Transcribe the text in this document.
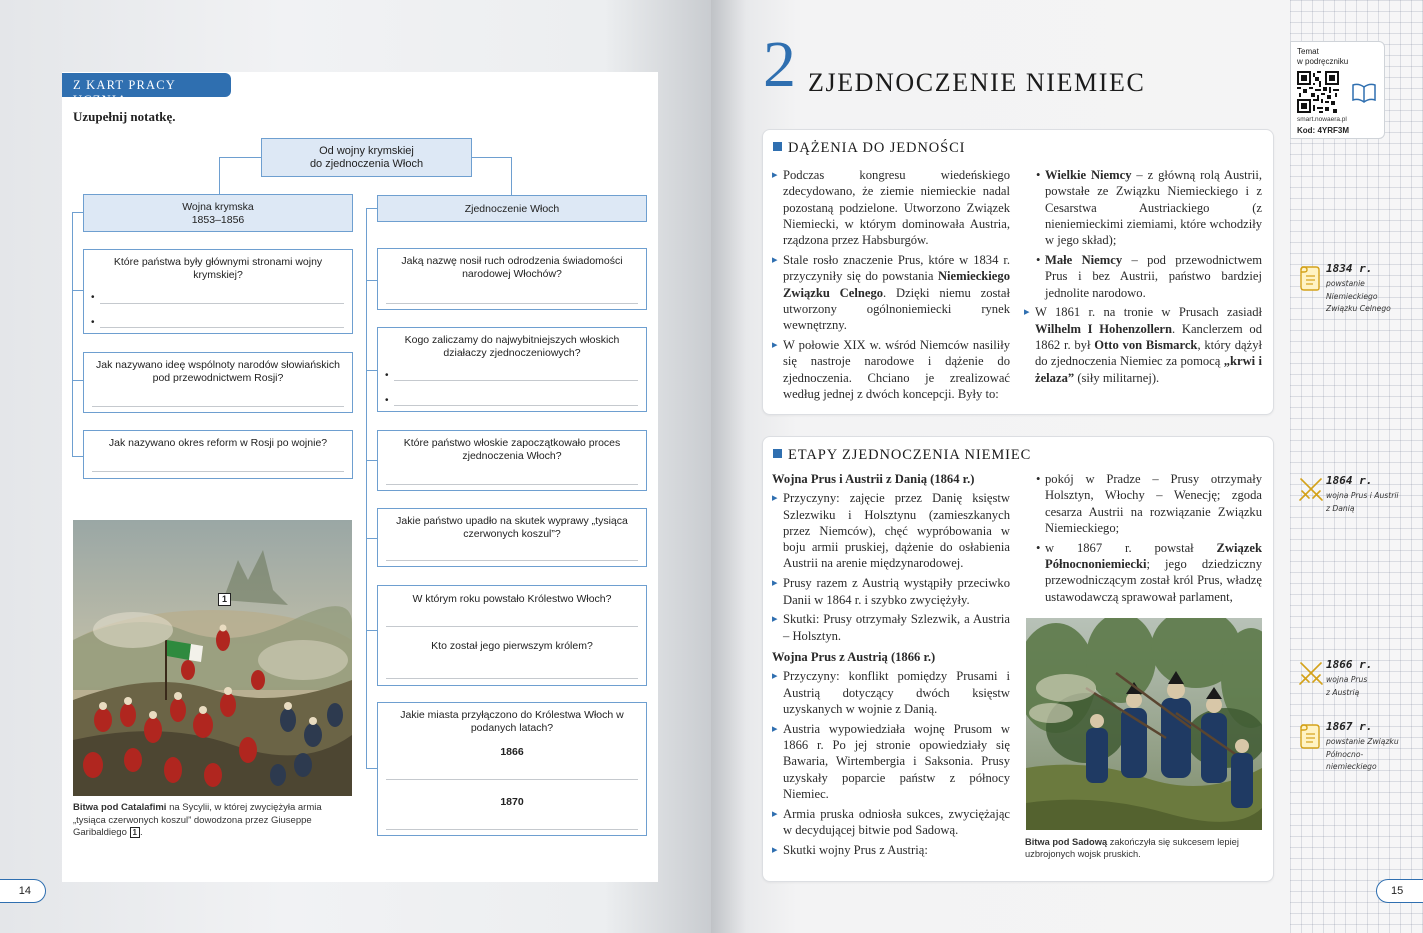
Z KART PRACY UCZNIA
Uzupełnij notatkę.
Od wojny krymskiej
do zjednoczenia Włoch
Wojna krymska
1853–1856
Które państwa były głównymi stronami wojny krymskiej?
•
•
Jak nazywano ideę wspólnoty narodów słowiańskich pod przewodnictwem Rosji?
Jak nazywano okres reform w Rosji po wojnie?
Zjednoczenie Włoch
Jaką nazwę nosił ruch odrodzenia świadomości narodowej Włochów?
Kogo zaliczamy do najwybitniejszych włoskich działaczy zjednoczeniowych?
•
•
Które państwo włoskie zapoczątkowało proces zjednoczenia Włoch?
Jakie państwo upadło na skutek wyprawy „tysiąca czerwonych koszul”?
W którym roku powstało Królestwo Włoch?
Kto został jego pierwszym królem?
Jakie miasta przyłączono do Królestwa Włoch w podanych latach?
1866
1870
1
Bitwa pod Catalafimi na Sycylii, w której zwyciężyła armia
„tysiąca czerwonych koszul” dowodzona przez Giuseppe
Garibaldiego 1 .
14
2 ZJEDNOCZENIE NIEMIEC
DĄŻENIA DO JEDNOŚCI

▸ Podczas kongresu wiedeńskiego zdecydowano, że ziemie niemieckie nadal pozostaną podzielone. Utworzono Związek Niemiecki, w którym dominowała Austria, rządzona przez Habsburgów.

▸ Stale rosło znaczenie Prus, które w 1834 r. przyczyniły się do powstania Niemieckiego Związku Celnego. Dzięki niemu został utworzony ogólnoniemiecki rynek wewnętrzny.

▸ W połowie XIX w. wśród Niemców nasiliły się nastroje narodowe i dążenie do zjednoczenia. Chciano je zrealizować według jednej z dwóch koncepcji. Były to:

• Wielkie Niemcy – z główną rolą Austrii, powstałe ze Związku Niemieckiego i z Cesarstwa Austriackiego (z nieniemieckimi ziemiami, które wchodziły w jego skład);

• Małe Niemcy – pod przewodnictwem Prus i bez Austrii, państwo bardziej jednolite narodowo.

▸ W 1861 r. na tronie w Prusach zasiadł Wilhelm I Hohenzollern. Kanclerzem od 1862 r. był Otto von Bismarck, który dążył do zjednoczenia Niemiec za pomocą „krwi i żelaza” (siły militarnej).

ETAPY ZJEDNOCZENIA NIEMIEC

Wojna Prus i Austrii z Danią (1864 r.)

▸ Przyczyny: zajęcie przez Danię księstw Szlezwiku i Holsztynu (zamieszkanych przez Niemców), chęć wypróbowania w boju armii pruskiej, dążenie do osłabienia Austrii na arenie międzynarodowej.

▸ Prusy razem z Austrią wystąpiły przeciwko Danii w 1864 r. i szybko zwyciężyły.

▸ Skutki: Prusy otrzymały Szlezwik, a Austria – Holsztyn.

Wojna Prus z Austrią (1866 r.)

▸ Przyczyny: konflikt pomiędzy Prusami i Austrią dotyczący dwóch księstw uzyskanych w wojnie z Danią.

▸ Austria wypowiedziała wojnę Prusom w 1866 r. Po jej stronie opowiedziały się Bawaria, Wirtembergia i Saksonia. Prusy uzyskały poparcie państw z północy Niemiec.

▸ Armia pruska odniosła sukces, zwyciężając w decydującej bitwie pod Sadową.

▸ Skutki wojny Prus z Austrią:

• pokój w Pradze – Prusy otrzymały Holsztyn, Włochy – Wenecję; zgoda cesarza Austrii na rozwiązanie Związku Niemieckiego;

• w 1867 r. powstał Związek Północnoniemiecki; jego dziedziczny przewodniczącym został król Prus, władzę ustawodawczą sprawował parlament,

Bitwa pod Sadową zakończyła się sukcesem lepiej
uzbrojonych wojsk pruskich.
15
Temat
w podręczniku
smart.nowaera.pl
Kod: 4YRF3M
1834 r.
powstanie
Niemieckiego
Związku Celnego
1864 r.
wojna Prus i Austrii
z Danią
1866 r.
wojna Prus
z Austrią
1867 r.
powstanie Związku
Północno-
niemieckiego
